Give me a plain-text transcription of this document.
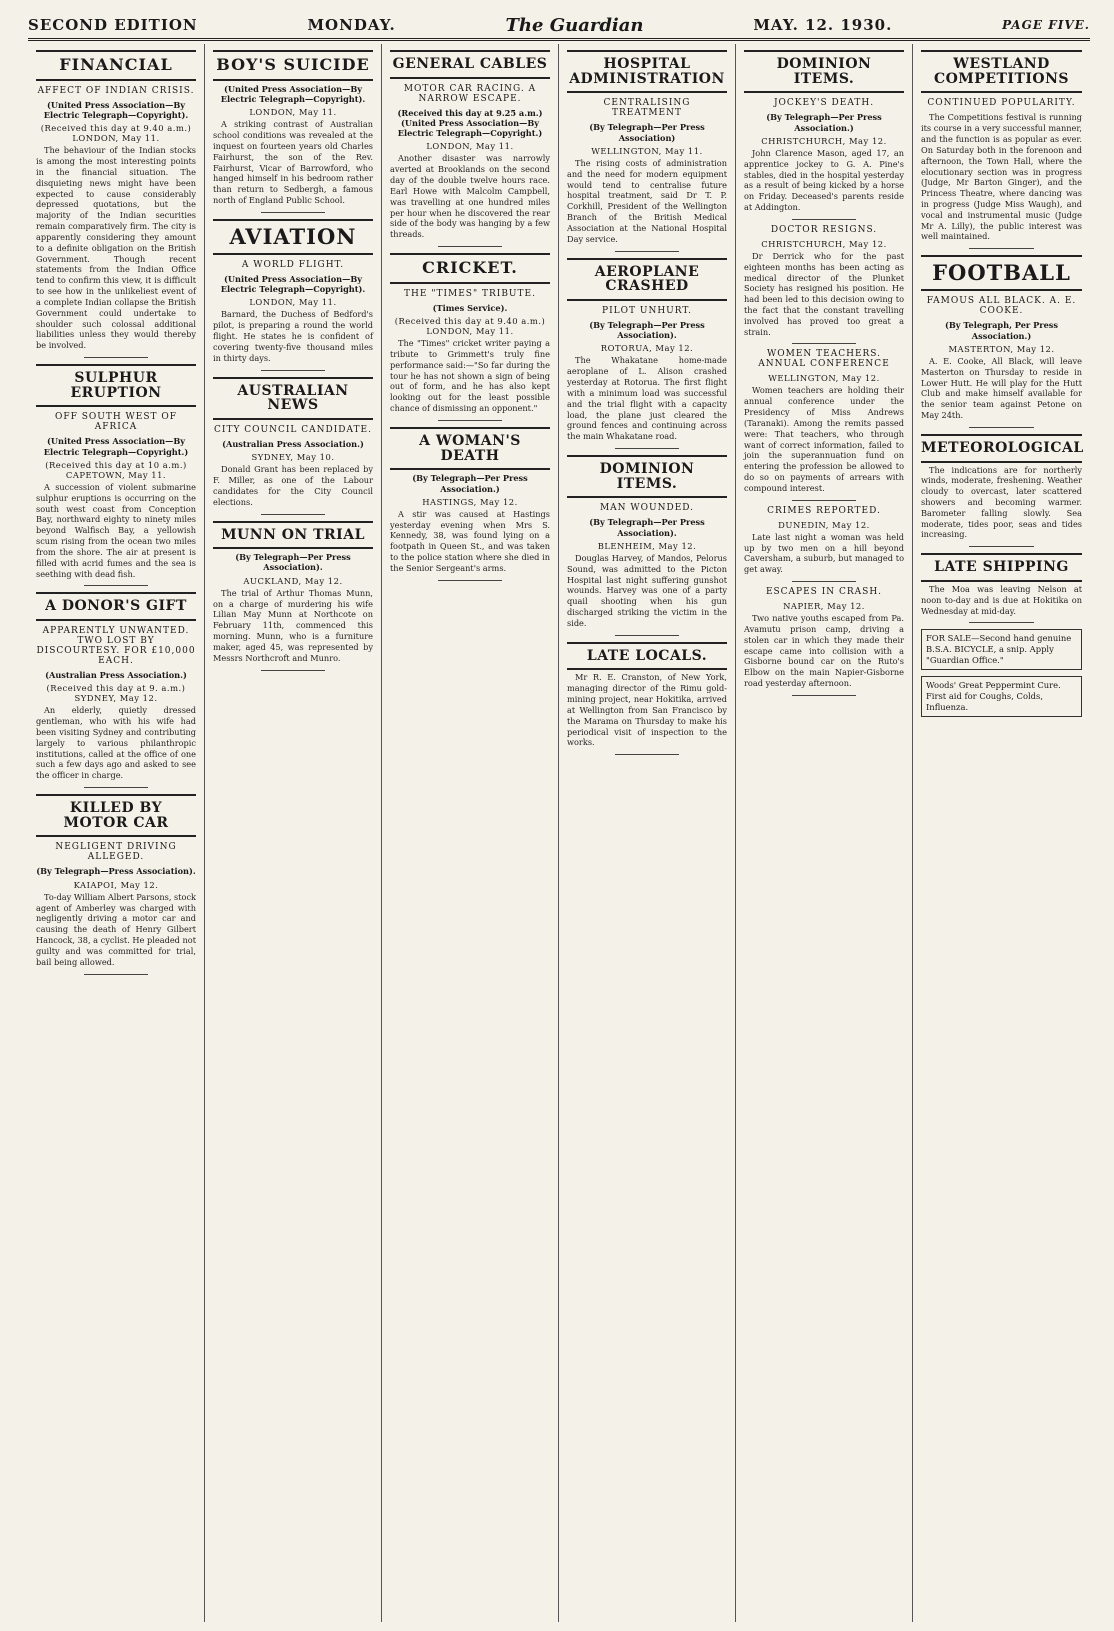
SECOND EDITION	MONDAY.	The Guardian	MAY. 12. 1930.	PAGE FIVE.
FINANCIAL
AFFECT OF INDIAN CRISIS.
(United Press Association—By Electric Telegraph—Copyright).
(Received this day at 9.40 a.m.) LONDON, May 11.

The behaviour of the Indian stocks is among the most interesting points in the financial situation. The disquieting news might have been expected to cause considerably depressed quotations, but the majority of the Indian securities remain comparatively firm. The city is apparently considering they amount to a definite obligation on the British Government. Though recent statements from the Indian Office tend to confirm this view, it is difficult to see how in the unlikeliest event of a complete Indian collapse the British Government could undertake to shoulder such colossal additional liabilities unless they would thereby be involved.

SULPHUR ERUPTION
OFF SOUTH WEST OF AFRICA
(United Press Association—By Electric Telegraph—Copyright.)
(Received this day at 10 a.m.) CAPETOWN, May 11.

A succession of violent submarine sulphur eruptions is occurring on the south west coast from Conception Bay, northward eighty to ninety miles beyond Walfisch Bay, a yellowish scum rising from the ocean two miles from the shore. The air at present is filled with acrid fumes and the sea is seething with dead fish.

A DONOR'S GIFT
APPARENTLY UNWANTED. TWO LOST BY DISCOURTESY. FOR £10,000 EACH.
(Australian Press Association.)
(Received this day at 9. a.m.) SYDNEY, May 12.

An elderly, quietly dressed gentleman, who with his wife had been visiting Sydney and contributing largely to various philanthropic institutions, called at the office of one such a few days ago and asked to see the officer in charge.

KILLED BY MOTOR CAR
NEGLIGENT DRIVING ALLEGED.
(By Telegraph—Press Association).
KAIAPOI, May 12.

To-day William Albert Parsons, stock agent of Amberley was charged with negligently driving a motor car and causing the death of Henry Gilbert Hancock, 38, a cyclist. He pleaded not guilty and was committed for trial, bail being allowed.

BOY'S SUICIDE
(United Press Association—By Electric Telegraph—Copyright).
LONDON, May 11.

A striking contrast of Australian school conditions was revealed at the inquest on fourteen years old Charles Fairhurst, the son of the Rev. Fairhurst, Vicar of Barrowford, who hanged himself in his bedroom rather than return to Sedbergh, a famous north of England Public School.

AVIATION
A WORLD FLIGHT.
(United Press Association—By Electric Telegraph—Copyright).
LONDON, May 11.

Barnard, the Duchess of Bedford's pilot, is preparing a round the world flight. He states he is confident of covering twenty-five thousand miles in thirty days.

AUSTRALIAN NEWS
CITY COUNCIL CANDIDATE.
(Australian Press Association.)
SYDNEY, May 10.

Donald Grant has been replaced by F. Miller, as one of the Labour candidates for the City Council elections.

MUNN ON TRIAL
(By Telegraph—Per Press Association).
AUCKLAND, May 12.

The trial of Arthur Thomas Munn, on a charge of murdering his wife Lilian May Munn at Northcote on February 11th, commenced this morning. Munn, who is a furniture maker, aged 45, was represented by Messrs Northcroft and Munro.

GENERAL CABLES
MOTOR CAR RACING. A NARROW ESCAPE.
(Received this day at 9.25 a.m.) (United Press Association—By Electric Telegraph—Copyright.)
LONDON, May 11.

Another disaster was narrowly averted at Brooklands on the second day of the double twelve hours race. Earl Howe with Malcolm Campbell, was travelling at one hundred miles per hour when he discovered the rear side of the body was hanging by a few threads.

CRICKET.
THE "TIMES" TRIBUTE.
(Times Service).
(Received this day at 9.40 a.m.) LONDON, May 11.

The "Times" cricket writer paying a tribute to Grimmett's truly fine performance said:—"So far during the tour he has not shown a sign of being out of form, and he has also kept looking out for the least possible chance of dismissing an opponent."

A WOMAN'S DEATH
(By Telegraph—Per Press Association.)
HASTINGS, May 12.

A stir was caused at Hastings yesterday evening when Mrs S. Kennedy, 38, was found lying on a footpath in Queen St., and was taken to the police station where she died in the Senior Sergeant's arms.

HOSPITAL ADMINISTRATION
CENTRALISING TREATMENT
(By Telegraph—Per Press Association)
WELLINGTON, May 11.

The rising costs of administration and the need for modern equipment would tend to centralise future hospital treatment, said Dr T. P. Corkhill, President of the Wellington Branch of the British Medical Association at the National Hospital Day service.

AEROPLANE CRASHED
PILOT UNHURT.
(By Telegraph—Per Press Association).
ROTORUA, May 12.

The Whakatane home-made aeroplane of L. Alison crashed yesterday at Rotorua. The first flight with a minimum load was successful and the trial flight with a capacity load, the plane just cleared the ground fences and continuing across the main Whakatane road.

DOMINION ITEMS.
MAN WOUNDED.
(By Telegraph—Per Press Association).
BLENHEIM, May 12.

Douglas Harvey, of Mandos, Pelorus Sound, was admitted to the Picton Hospital last night suffering gunshot wounds. Harvey was one of a party quail shooting when his gun discharged striking the victim in the side.

LATE LOCALS.

Mr R. E. Cranston, of New York, managing director of the Rimu gold-mining project, near Hokitika, arrived at Wellington from San Francisco by the Marama on Thursday to make his periodical visit of inspection to the works.

DOMINION ITEMS.
JOCKEY'S DEATH.
(By Telegraph—Per Press Association.)
CHRISTCHURCH, May 12.

John Clarence Mason, aged 17, an apprentice jockey to G. A. Pine's stables, died in the hospital yesterday as a result of being kicked by a horse on Friday. Deceased's parents reside at Addington.

DOCTOR RESIGNS.
CHRISTCHURCH, May 12.

Dr Derrick who for the past eighteen months has been acting as medical director of the Plunket Society has resigned his position. He had been led to this decision owing to the fact that the constant travelling involved has proved too great a strain.

WOMEN TEACHERS. ANNUAL CONFERENCE
WELLINGTON, May 12.

Women teachers are holding their annual conference under the Presidency of Miss Andrews (Taranaki). Among the remits passed were: That teachers, who through want of correct information, failed to join the superannuation fund on entering the profession be allowed to do so on payments of arrears with compound interest.

CRIMES REPORTED.
DUNEDIN, May 12.

Late last night a woman was held up by two men on a hill beyond Caversham, a suburb, but managed to get away.

ESCAPES IN CRASH.
NAPIER, May 12.

Two native youths escaped from Pa. Avamutu prison camp, driving a stolen car in which they made their escape came into collision with a Gisborne bound car on the Ruto's Elbow on the main Napier-Gisborne road yesterday afternoon.

WESTLAND COMPETITIONS
CONTINUED POPULARITY.

The Competitions festival is running its course in a very successful manner, and the function is as popular as ever. On Saturday both in the forenoon and afternoon, the Town Hall, where the elocutionary section was in progress (Judge, Mr Barton Ginger), and the Princess Theatre, where dancing was in progress (Judge Miss Waugh), and vocal and instrumental music (Judge Mr A. Lilly), the public interest was well maintained.

FOOTBALL
FAMOUS ALL BLACK. A. E. COOKE.
(By Telegraph, Per Press Association.)
MASTERTON, May 12.

A. E. Cooke, All Black, will leave Masterton on Thursday to reside in Lower Hutt. He will play for the Hutt Club and make himself available for the senior team against Petone on May 24th.

METEOROLOGICAL

The indications are for northerly winds, moderate, freshening. Weather cloudy to overcast, later scattered showers and becoming warmer. Barometer falling slowly. Sea moderate, tides poor, seas and tides increasing.

LATE SHIPPING

The Moa was leaving Nelson at noon to-day and is due at Hokitika on Wednesday at mid-day.

FOR SALE—Second hand genuine B.S.A. BICYCLE, a snip. Apply "Guardian Office."
Woods' Great Peppermint Cure. First aid for Coughs, Colds, Influenza.
